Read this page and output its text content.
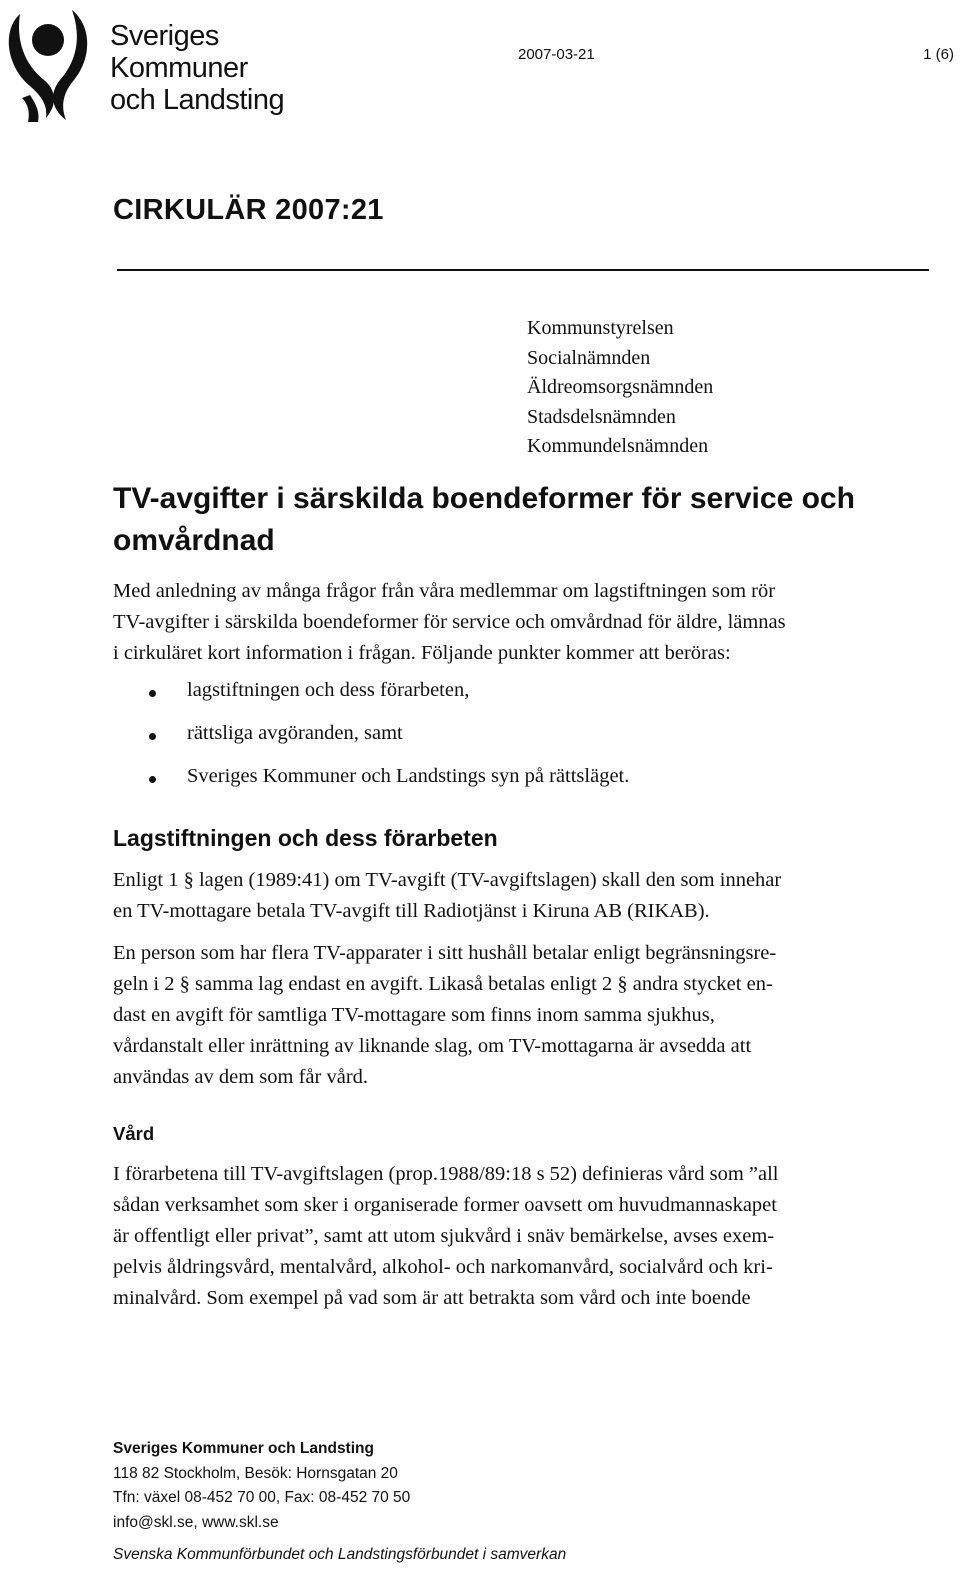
Sveriges
Kommuner
och Landsting
2007-03-21	1 (6)
CIRKULÄR 2007:21
Kommunstyrelsen
Socialnämnden
Äldreomsorgsnämnden
Stadsdelsnämnden
Kommundelsnämnden
TV-avgifter i särskilda boendeformer för service och omvårdnad
Med anledning av många frågor från våra medlemmar om lagstiftningen som rör
TV-avgifter i särskilda boendeformer för service och omvårdnad för äldre, lämnas
i cirkuläret kort information i frågan. Följande punkter kommer att beröras:
lagstiftningen och dess förarbeten,
rättsliga avgöranden, samt
Sveriges Kommuner och Landstings syn på rättsläget.
Lagstiftningen och dess förarbeten
Enligt 1 § lagen (1989:41) om TV-avgift (TV-avgiftslagen) skall den som innehar
en TV-mottagare betala TV-avgift till Radiotjänst i Kiruna AB (RIKAB).
En person som har flera TV-apparater i sitt hushåll betalar enligt begränsningsre-
geln i 2 § samma lag endast en avgift. Likaså betalas enligt 2 § andra stycket en-
dast en avgift för samtliga TV-mottagare som finns inom samma sjukhus,
vårdanstalt eller inrättning av liknande slag, om TV-mottagarna är avsedda att
användas av dem som får vård.
Vård
I förarbetena till TV-avgiftslagen (prop.1988/89:18 s 52) definieras vård som ”all
sådan verksamhet som sker i organiserade former oavsett om huvudmannaskapet
är offentligt eller privat”, samt att utom sjukvård i snäv bemärkelse, avses exem-
pelvis åldringsvård, mentalvård, alkohol- och narkomanvård, socialvård och kri-
minalvård. Som exempel på vad som är att betrakta som vård och inte boende
Sveriges Kommuner och Landsting
118 82 Stockholm, Besök: Hornsgatan 20
Tfn: växel 08-452 70 00, Fax: 08-452 70 50
info@skl.se, www.skl.se
Svenska Kommunförbundet och Landstingsförbundet i samverkan
